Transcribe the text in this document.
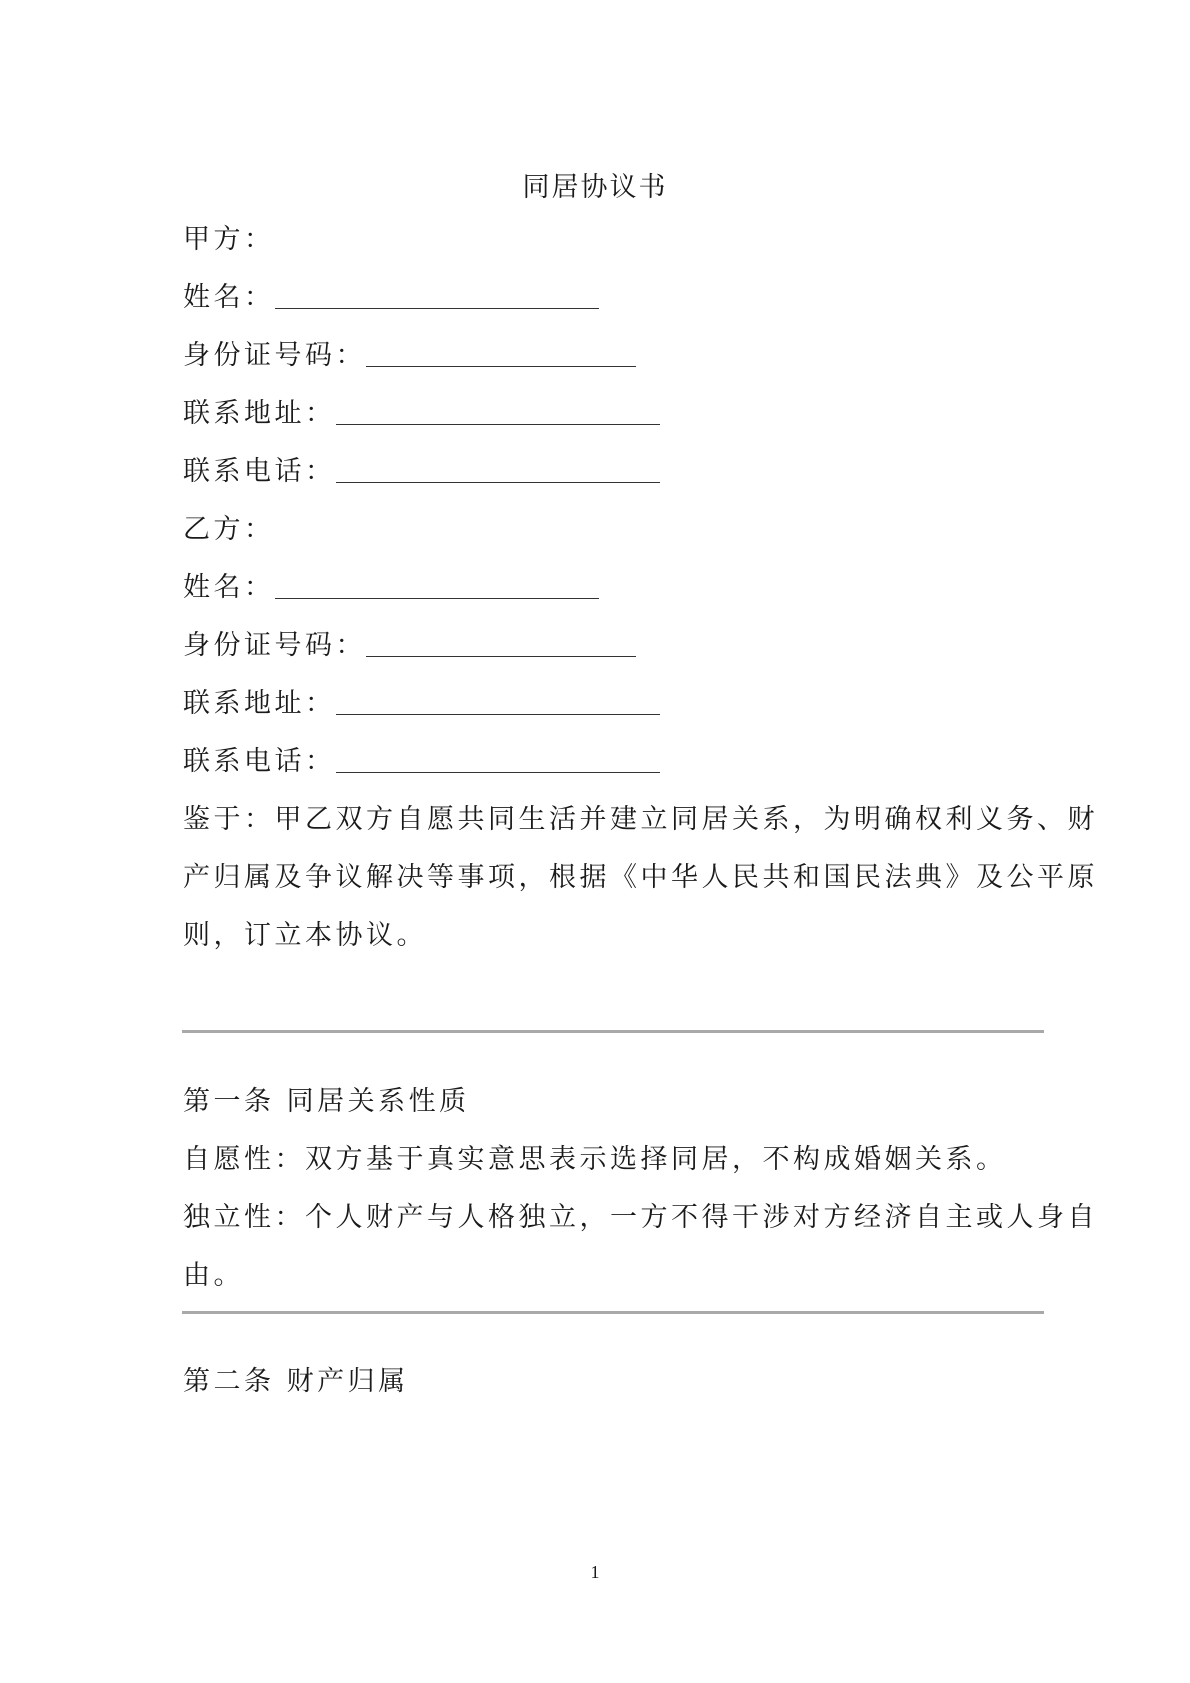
同居协议书
甲方：
姓名：
身份证号码：
联系地址：
联系电话：
乙方：
姓名：
身份证号码：
联系地址：
联系电话：
鉴于：甲乙双方自愿共同生活并建立同居关系，为明确权利义务、财
产归属及争议解决等事项，根据《中华人民共和国民法典》及公平原
则，订立本协议。
第一条 同居关系性质
自愿性：双方基于真实意思表示选择同居，不构成婚姻关系。
独立性：个人财产与人格独立，一方不得干涉对方经济自主或人身自
由。
第二条 财产归属
1
